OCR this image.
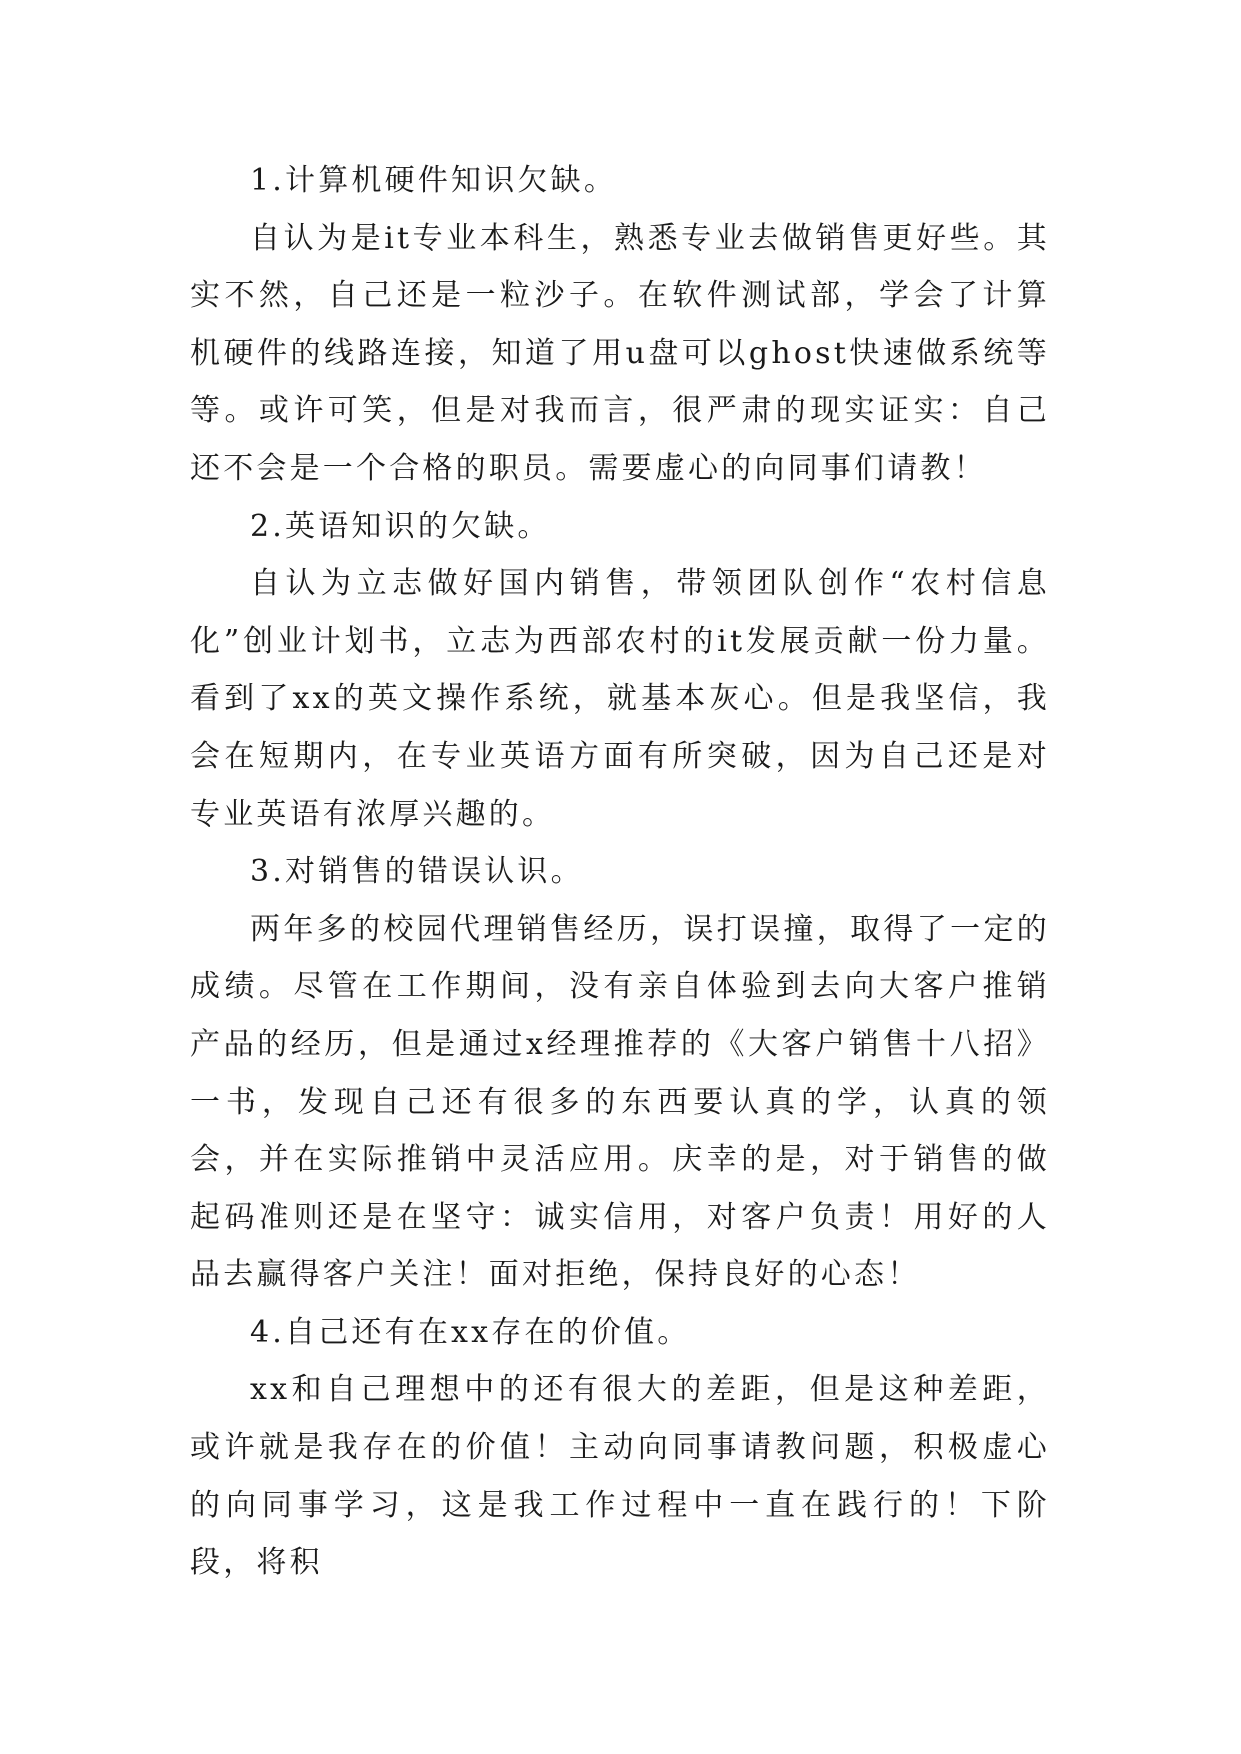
1.计算机硬件知识欠缺。

自认为是it专业本科生，熟悉专业去做销售更好些。其实不然，自己还是一粒沙子。在软件测试部，学会了计算机硬件的线路连接，知道了用u盘可以ghost快速做系统等等。或许可笑，但是对我而言，很严肃的现实证实：自己还不会是一个合格的职员。需要虚心的向同事们请教！

2.英语知识的欠缺。

自认为立志做好国内销售，带领团队创作“农村信息化”创业计划书，立志为西部农村的it发展贡献一份力量。看到了xx的英文操作系统，就基本灰心。但是我坚信，我会在短期内，在专业英语方面有所突破，因为自己还是对专业英语有浓厚兴趣的。

3.对销售的错误认识。

两年多的校园代理销售经历，误打误撞，取得了一定的成绩。尽管在工作期间，没有亲自体验到去向大客户推销产品的经历，但是通过x经理推荐的《大客户销售十八招》一书，发现自己还有很多的东西要认真的学，认真的领会，并在实际推销中灵活应用。庆幸的是，对于销售的做起码准则还是在坚守：诚实信用，对客户负责！用好的人品去赢得客户关注！面对拒绝，保持良好的心态！

4.自己还有在xx存在的价值。

xx和自己理想中的还有很大的差距，但是这种差距，或许就是我存在的价值！主动向同事请教问题，积极虚心的向同事学习，这是我工作过程中一直在践行的！下阶段，将积
